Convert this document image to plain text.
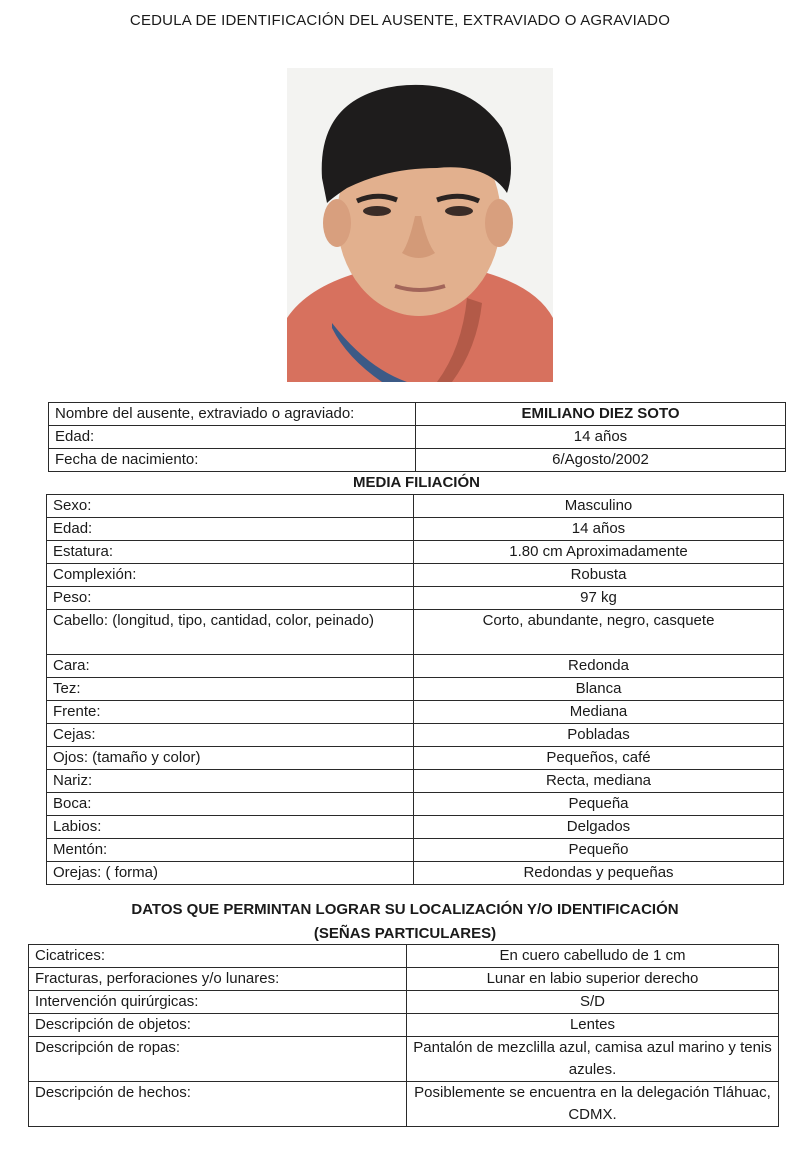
CEDULA DE IDENTIFICACIÓN DEL AUSENTE, EXTRAVIADO O AGRAVIADO
Nombre del ausente, extraviado o agraviado:	EMILIANO DIEZ SOTO
Edad:	14 años
Fecha de nacimiento:	6/Agosto/2002
MEDIA FILIACIÓN
Sexo:	Masculino
Edad:	14 años
Estatura:	1.80 cm Aproximadamente
Complexión:	Robusta
Peso:	97 kg
Cabello: (longitud, tipo, cantidad, color, peinado)	Corto, abundante, negro, casquete
Cara:	Redonda
Tez:	Blanca
Frente:	Mediana
Cejas:	Pobladas
Ojos: (tamaño y color)	Pequeños, café
Nariz:	Recta, mediana
Boca:	Pequeña
Labios:	Delgados
Mentón:	Pequeño
Orejas: ( forma)	Redondas y pequeñas
DATOS QUE PERMINTAN LOGRAR SU LOCALIZACIÓN Y/O IDENTIFICACIÓN
(SEÑAS PARTICULARES)
Cicatrices:	En cuero cabelludo de 1 cm
Fracturas, perforaciones y/o lunares:	Lunar en labio superior derecho
Intervención quirúrgicas:	S/D
Descripción de objetos:	Lentes
Descripción de ropas:	Pantalón de mezclilla azul, camisa azul marino y tenis azules.
Descripción de hechos:	Posiblemente se encuentra en la delegación Tláhuac, CDMX.
